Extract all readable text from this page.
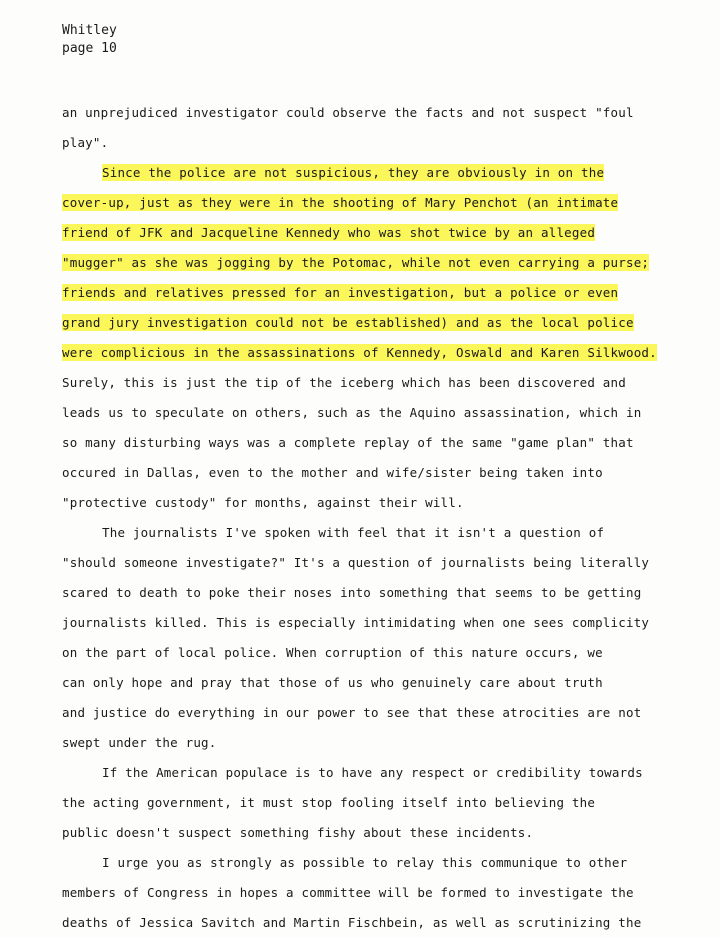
Whitley
page 10
an unprejudiced investigator could observe the facts and not suspect "foul
play".
Since the police are not suspicious, they are obviously in on the
cover-up, just as they were in the shooting of Mary Penchot (an intimate
friend of JFK and Jacqueline Kennedy who was shot twice by an alleged
"mugger" as she was jogging by the Potomac, while not even carrying a purse;
friends and relatives pressed for an investigation, but a police or even
grand jury investigation could not be established) and as the local police
were complicious in the assassinations of Kennedy, Oswald and Karen Silkwood.
Surely, this is just the tip of the iceberg which has been discovered and
leads us to speculate on others, such as the Aquino assassination, which in
so many disturbing ways was a complete replay of the same "game plan" that
occured in Dallas, even to the mother and wife/sister being taken into
"protective custody" for months, against their will.
The journalists I've spoken with feel that it isn't a question of
"should someone investigate?" It's a question of journalists being literally
scared to death to poke their noses into something that seems to be getting
journalists killed. This is especially intimidating when one sees complicity
on the part of local police. When corruption of this nature occurs, we
can only hope and pray that those of us who genuinely care about truth
and justice do everything in our power to see that these atrocities are not
swept under the rug.
If the American populace is to have any respect or credibility towards
the acting government, it must stop fooling itself into believing the
public doesn't suspect something fishy about these incidents.
I urge you as strongly as possible to relay this communique to other
members of Congress in hopes a committee will be formed to investigate the
deaths of Jessica Savitch and Martin Fischbein, as well as scrutinizing the
